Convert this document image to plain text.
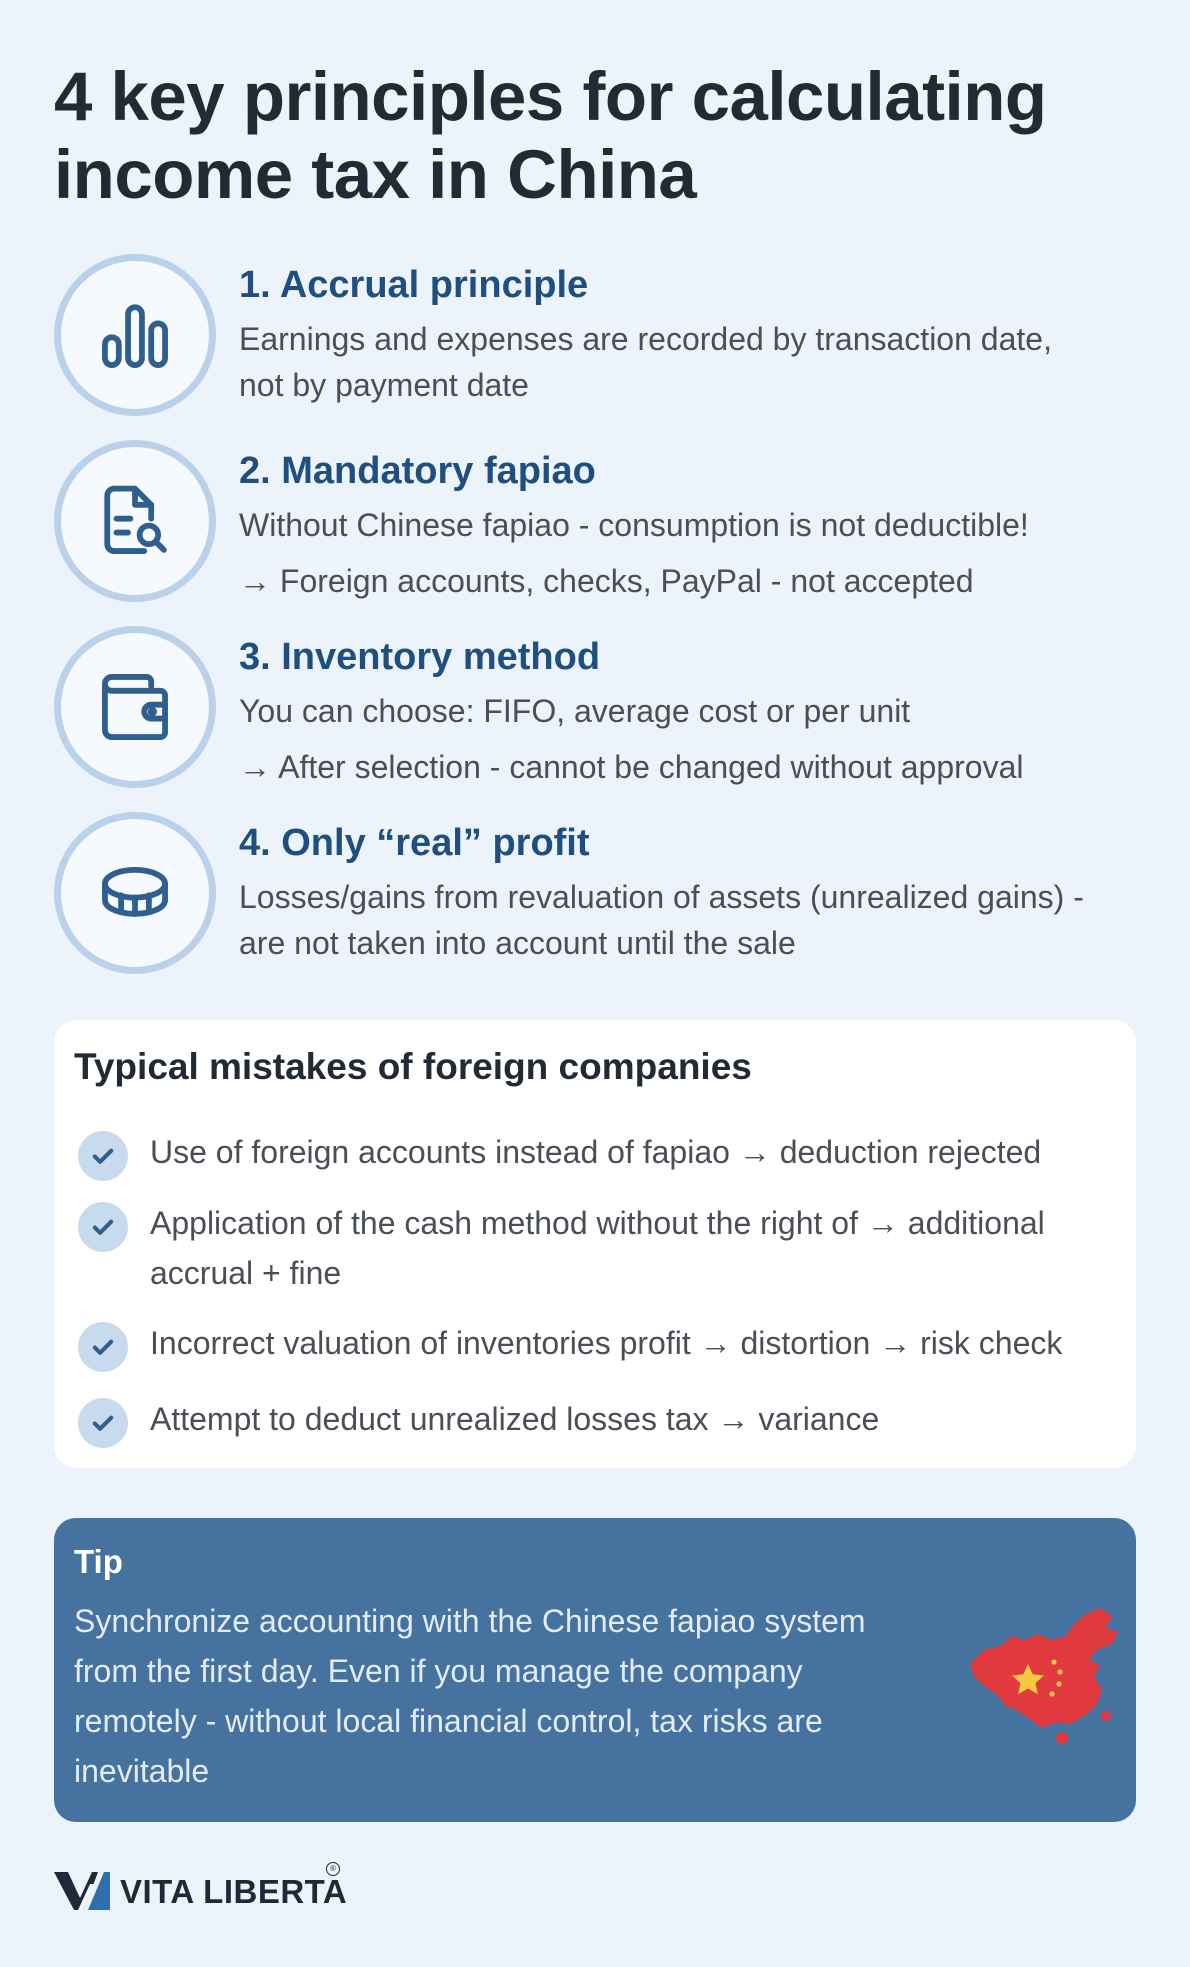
4 key principles for calculating
income tax in China
1. Accrual principle
Earnings and expenses are recorded by transaction date,
not by payment date
2. Mandatory fapiao
Without Chinese fapiao - consumption is not deductible!
→ Foreign accounts, checks, PayPal - not accepted
3. Inventory method
You can choose: FIFO, average cost or per unit
→ After selection - cannot be changed without approval
4. Only “real” profit
Losses/gains from revaluation of assets (unrealized gains) -
are not taken into account until the sale
Typical mistakes of foreign companies
Use of foreign accounts instead of fapiao → deduction rejected
Application of the cash method without the right of → additional
accrual + fine
Incorrect valuation of inventories profit → distortion → risk check
Attempt to deduct unrealized losses tax → variance
Tip
Synchronize accounting with the Chinese fapiao system
from the first day. Even if you manage the company
remotely - without local financial control, tax risks are
inevitable
VITA LIBERTA
®
